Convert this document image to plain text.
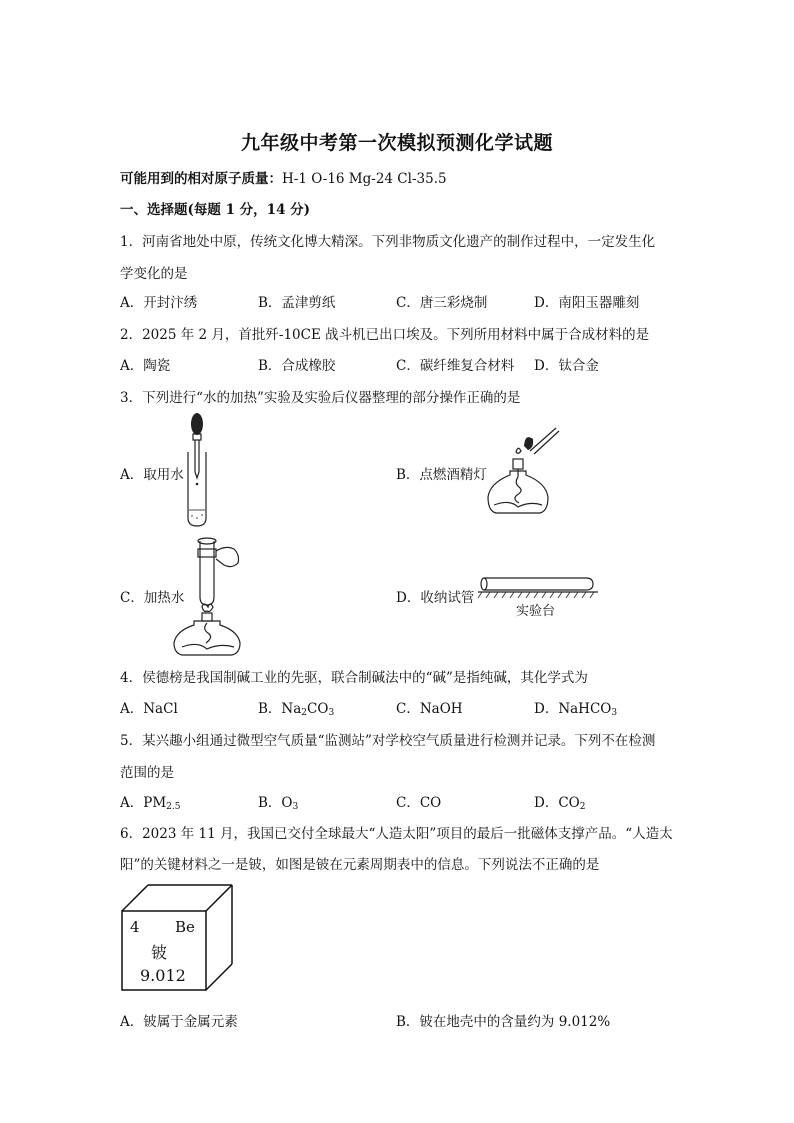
九年级中考第一次模拟预测化学试题
可能用到的相对原子质量：H-1 O-16 Mg-24 Cl-35.5
一、选择题(每题 1 分，14 分)
1．河南省地处中原，传统文化博大精深。下列非物质文化遗产的制作过程中，一定发生化
学变化的是
A．开封汴绣	B．孟津剪纸	C．唐三彩烧制	D．南阳玉器雕刻
2．2025 年 2 月，首批歼-10CE 战斗机已出口埃及。下列所用材料中属于合成材料的是
A．陶瓷	B．合成橡胶	C．碳纤维复合材料 D．钛合金
3．下列进行“水的加热”实验及实验后仪器整理的部分操作正确的是
A．取用水	B．点燃酒精灯
C．加热水	D．收纳试管
实验台
4．侯德榜是我国制碱工业的先驱，联合制碱法中的“碱”是指纯碱，其化学式为
A．NaCl	B．$Na_2CO_3$	C．NaOH	D．NaHCO$_3$
5．某兴趣小组通过微型空气质量“监测站”对学校空气质量进行检测并记录。下列不在检测
范围的是
A．$PM_{2.5}$	B．$O_3$	C．CO	D．$CO_2$
6．2023 年 11 月，我国已交付全球最大“人造太阳”项目的最后一批磁体支撑产品。“人造太
阳”的关键材料之一是铍，如图是铍在元素周期表中的信息。下列说法不正确的是
4 Be
铍
9.012
A．铍属于金属元素	B．铍在地壳中的含量约为 9.012%
